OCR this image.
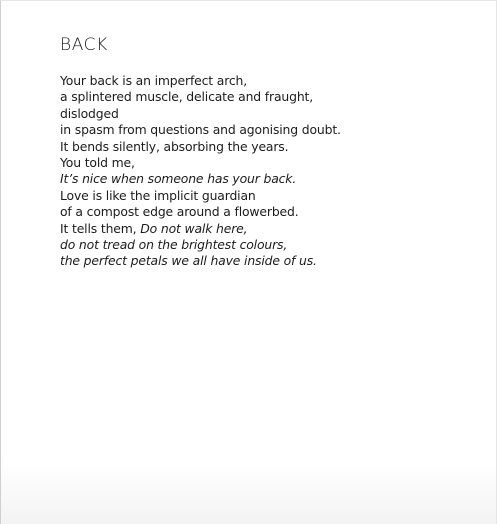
BACK
Your back is an imperfect arch,
a splintered muscle, delicate and fraught,
dislodged
in spasm from questions and agonising doubt.
It bends silently, absorbing the years.
You told me,
It’s nice when someone has your back.
Love is like the implicit guardian
of a compost edge around a flowerbed.
It tells them, Do not walk here,
do not tread on the brightest colours,
the perfect petals we all have inside of us.
